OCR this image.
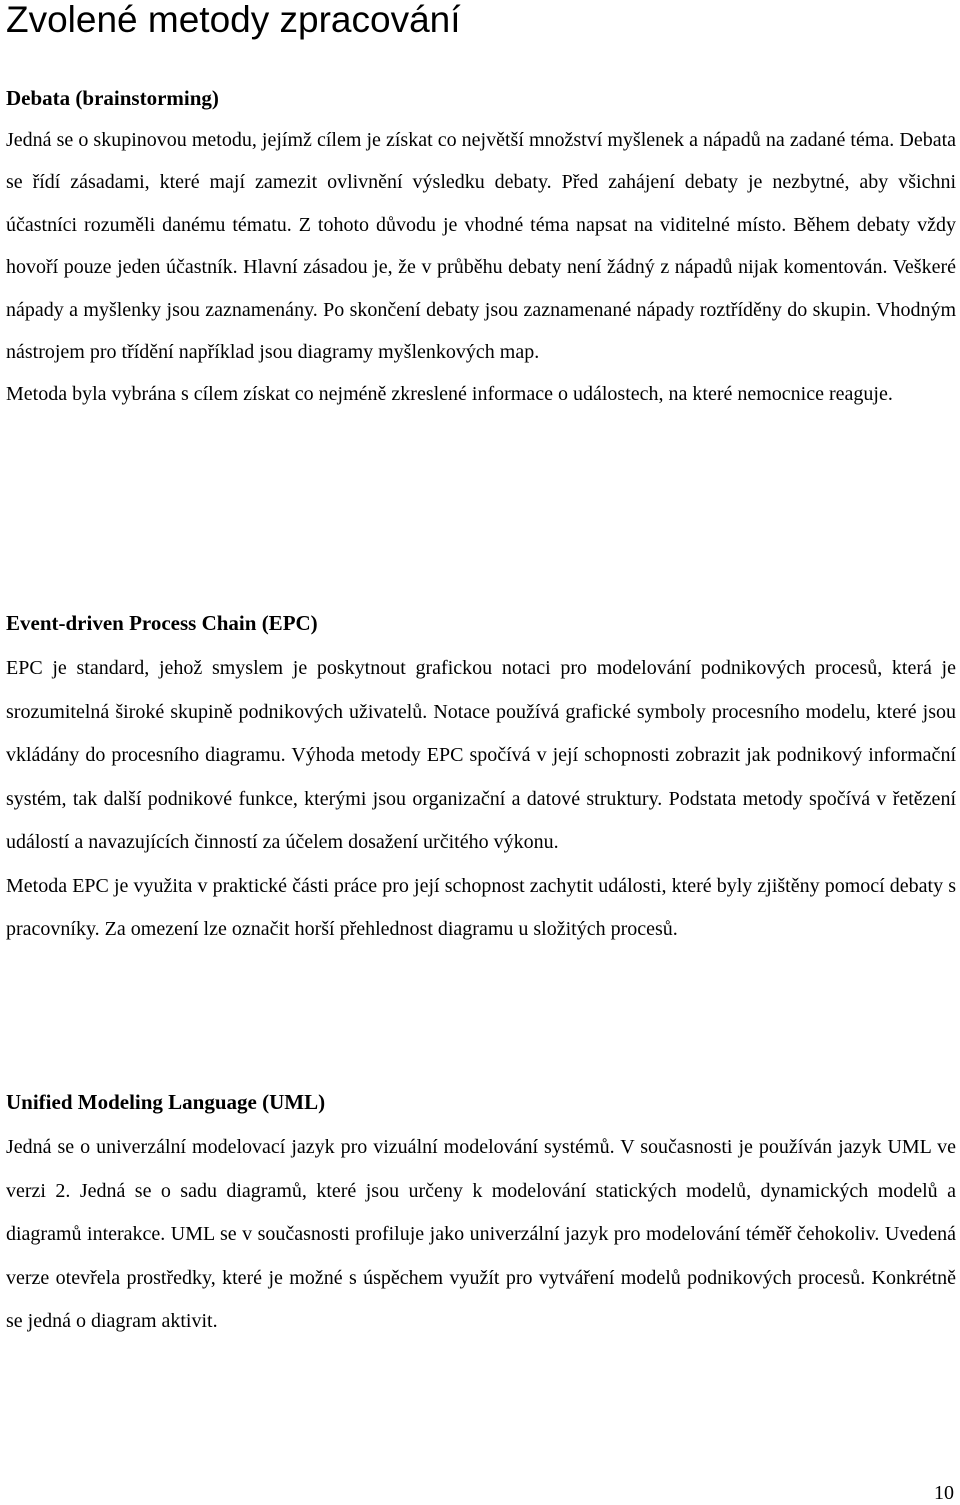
Zvolené metody zpracování
Debata (brainstorming)

Jedná se o skupinovou metodu, jejímž cílem je získat co největší množství myšlenek a nápadů na zadané téma. Debata se řídí zásadami, které mají zamezit ovlivnění výsledku debaty. Před zahájení debaty je nezbytné, aby všichni účastníci rozuměli danému tématu. Z tohoto důvodu je vhodné téma napsat na viditelné místo. Během debaty vždy hovoří pouze jeden účastník. Hlavní zásadou je, že v průběhu debaty není žádný z nápadů nijak komentován. Veškeré nápady a myšlenky jsou zaznamenány. Po skončení debaty jsou zaznamenané nápady roztříděny do skupin. Vhodným nástrojem pro třídění například jsou diagramy myšlenkových map.

Metoda byla vybrána s cílem získat co nejméně zkreslené informace o událostech, na které nemocnice reaguje.

Event-driven Process Chain (EPC)

EPC je standard, jehož smyslem je poskytnout grafickou notaci pro modelování podnikových procesů, která je srozumitelná široké skupině podnikových uživatelů. Notace používá grafické symboly procesního modelu, které jsou vkládány do procesního diagramu. Výhoda metody EPC spočívá v její schopnosti zobrazit jak podnikový informační systém, tak další podnikové funkce, kterými jsou organizační a datové struktury. Podstata metody spočívá v řetězení událostí a navazujících činností za účelem dosažení určitého výkonu.

Metoda EPC je využita v praktické části práce pro její schopnost zachytit události, které byly zjištěny pomocí debaty s pracovníky. Za omezení lze označit horší přehlednost diagramu u složitých procesů.

Unified Modeling Language (UML)

Jedná se o univerzální modelovací jazyk pro vizuální modelování systémů. V současnosti je používán jazyk UML ve verzi 2. Jedná se o sadu diagramů, které jsou určeny k modelování statických modelů, dynamických modelů a diagramů interakce. UML se v současnosti profiluje jako univerzální jazyk pro modelování téměř čehokoliv. Uvedená verze otevřela prostředky, které je možné s úspěchem využít pro vytváření modelů podnikových procesů. Konkrétně se jedná o diagram aktivit.

10
